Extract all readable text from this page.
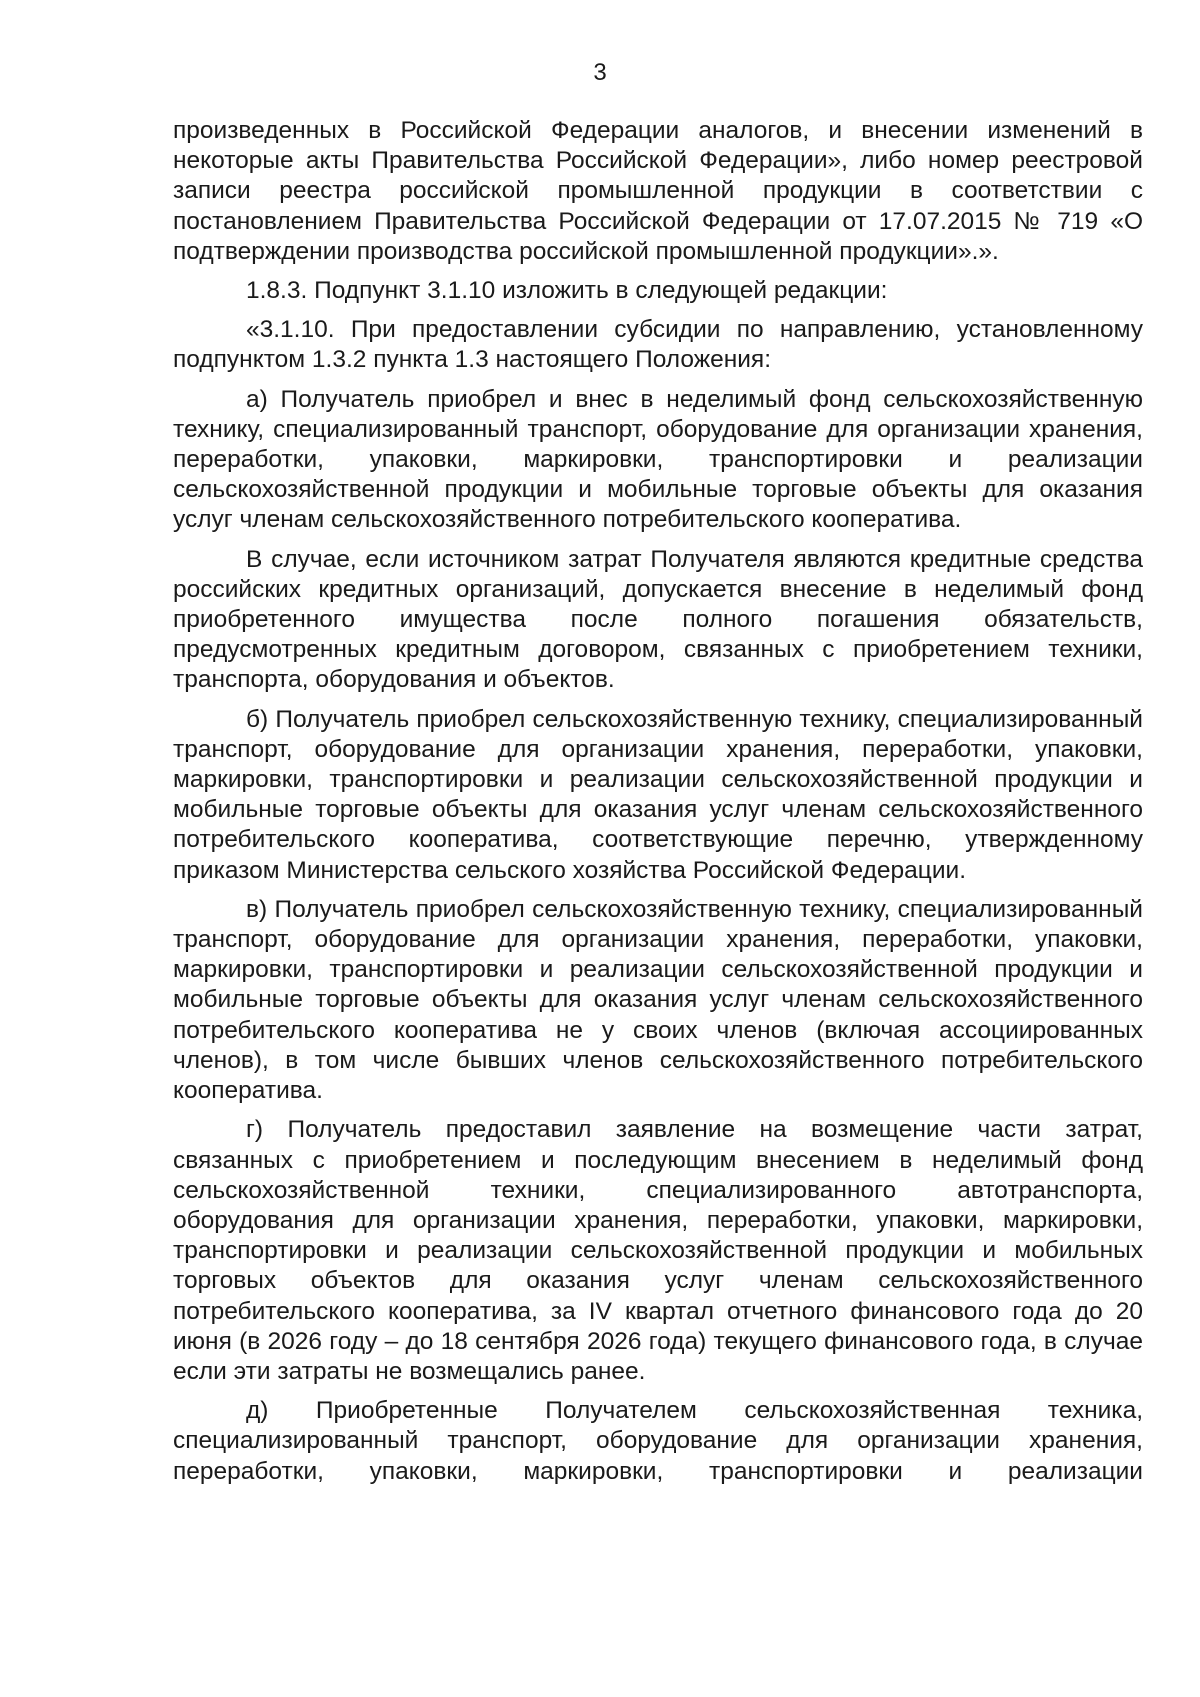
3

произведенных в Российской Федерации аналогов, и внесении изменений в некоторые акты Правительства Российской Федерации», либо номер реестровой записи реестра российской промышленной продукции в соответствии с постановлением Правительства Российской Федерации от 17.07.2015 № 719 «О подтверждении производства российской промышленной продукции».».

1.8.3. Подпункт 3.1.10 изложить в следующей редакции:

«3.1.10. При предоставлении субсидии по направлению, установленному подпунктом 1.3.2 пункта 1.3 настоящего Положения:

а) Получатель приобрел и внес в неделимый фонд сельскохозяйственную технику, специализированный транспорт, оборудование для организации хранения, переработки, упаковки, маркировки, транспортировки и реализации сельскохозяйственной продукции и мобильные торговые объекты для оказания услуг членам сельскохозяйственного потребительского кооператива.

В случае, если источником затрат Получателя являются кредитные средства российских кредитных организаций, допускается внесение в неделимый фонд приобретенного имущества после полного погашения обязательств, предусмотренных кредитным договором, связанных с приобретением техники, транспорта, оборудования и объектов.

б) Получатель приобрел сельскохозяйственную технику, специализированный транспорт, оборудование для организации хранения, переработки, упаковки, маркировки, транспортировки и реализации сельскохозяйственной продукции и мобильные торговые объекты для оказания услуг членам сельскохозяйственного потребительского кооператива, соответствующие перечню, утвержденному приказом Министерства сельского хозяйства Российской Федерации.

в) Получатель приобрел сельскохозяйственную технику, специализированный транспорт, оборудование для организации хранения, переработки, упаковки, маркировки, транспортировки и реализации сельскохозяйственной продукции и мобильные торговые объекты для оказания услуг членам сельскохозяйственного потребительского кооператива не у своих членов (включая ассоциированных членов), в том числе бывших членов сельскохозяйственного потребительского кооператива.

г) Получатель предоставил заявление на возмещение части затрат, связанных с приобретением и последующим внесением в неделимый фонд сельскохозяйственной техники, специализированного автотранспорта, оборудования для организации хранения, переработки, упаковки, маркировки, транспортировки и реализации сельскохозяйственной продукции и мобильных торговых объектов для оказания услуг членам сельскохозяйственного потребительского кооператива, за IV квартал отчетного финансового года до 20 июня (в 2026 году – до 18 сентября 2026 года) текущего финансового года, в случае если эти затраты не возмещались ранее.

д) Приобретенные Получателем сельскохозяйственная техника, специализированный транспорт, оборудование для организации хранения, переработки, упаковки, маркировки, транспортировки и реализации
